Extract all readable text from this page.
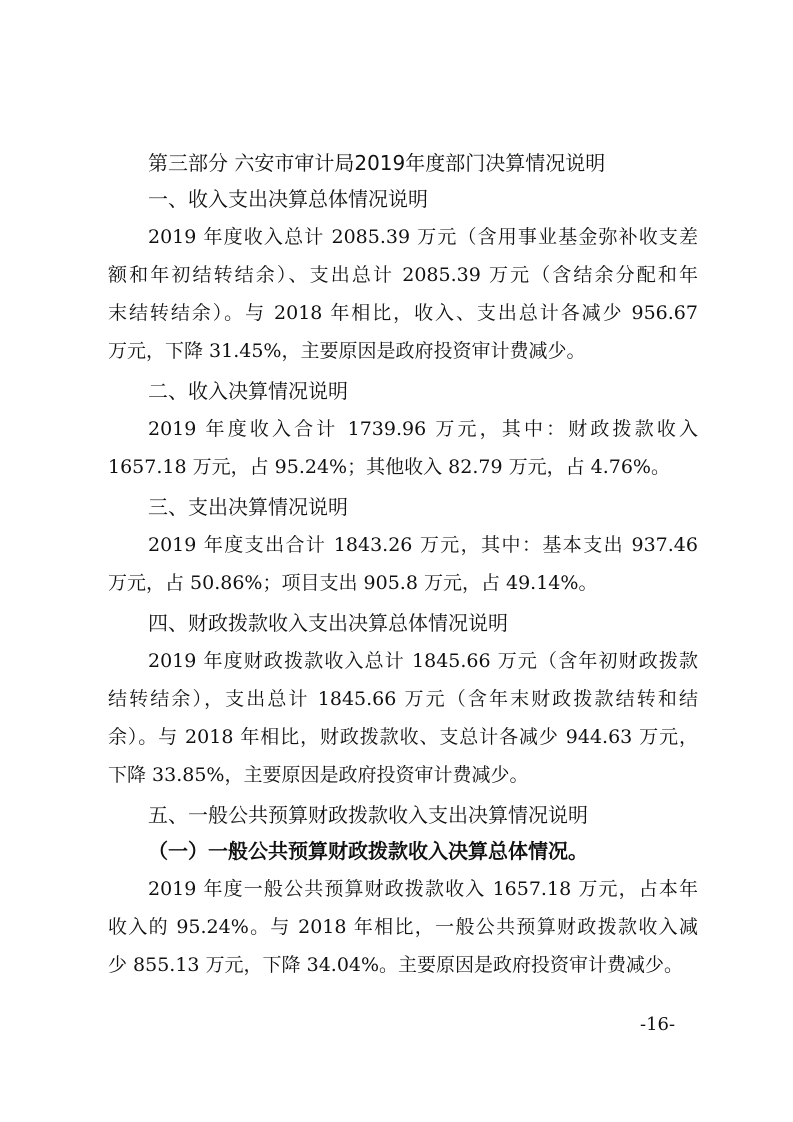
第三部分 六安市审计局2019年度部门决算情况说明
一、收入支出决算总体情况说明
2019 年度收入总计 2085.39 万元（含用事业基金弥补收支差
额和年初结转结余）、支出总计 2085.39 万元（含结余分配和年
末结转结余）。与 2018 年相比，收入、支出总计各减少 956.67
万元，下降 31.45%，主要原因是政府投资审计费减少。
二、收入决算情况说明
2019 年度收入合计 1739.96 万元，其中：财政拨款收入
1657.18 万元，占 95.24%；其他收入 82.79 万元，占 4.76%。
三、支出决算情况说明
2019 年度支出合计 1843.26 万元，其中：基本支出 937.46
万元，占 50.86%；项目支出 905.8 万元，占 49.14%。
四、财政拨款收入支出决算总体情况说明
2019 年度财政拨款收入总计 1845.66 万元（含年初财政拨款
结转结余），支出总计 1845.66 万元（含年末财政拨款结转和结
余）。与 2018 年相比，财政拨款收、支总计各减少 944.63 万元，
下降 33.85%，主要原因是政府投资审计费减少。
五、一般公共预算财政拨款收入支出决算情况说明
（一）一般公共预算财政拨款收入决算总体情况。
2019 年度一般公共预算财政拨款收入 1657.18 万元，占本年
收入的 95.24%。与 2018 年相比，一般公共预算财政拨款收入减
少 855.13 万元，下降 34.04%。主要原因是政府投资审计费减少。
-16-
